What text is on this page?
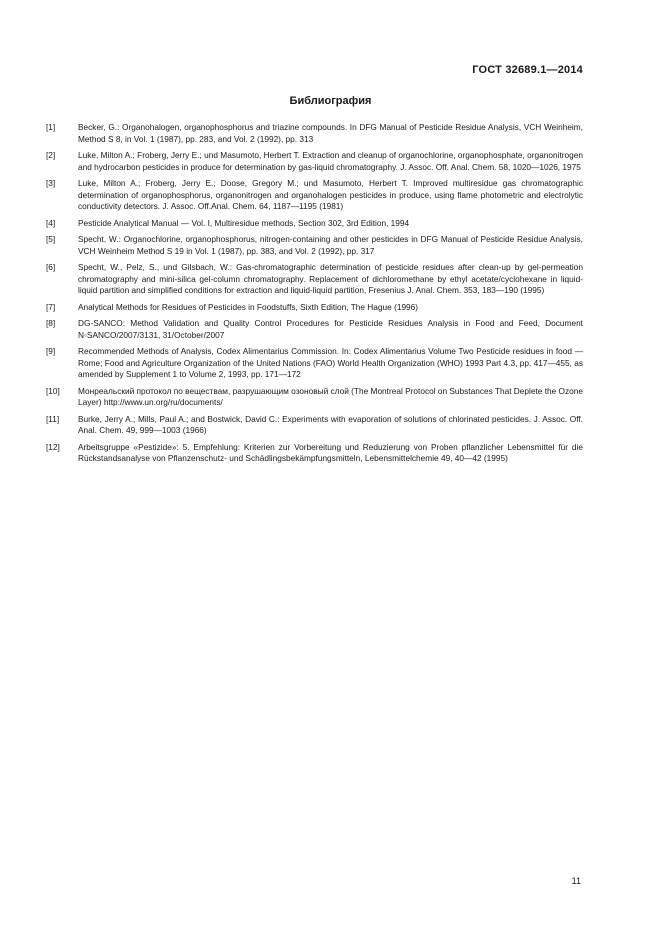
ГОСТ 32689.1—2014
Библиография
[1]	Becker, G.: Organohalogen, organophosphorus and triazine compounds. In DFG Manual of Pesticide Residue Analysis, VCH Weinheim, Method S 8, in Vol. 1 (1987), pp. 283, and Vol. 2 (1992), pp. 313
[2]	Luke, Milton A.; Froberg, Jerry E.; und Masumoto, Herbert T. Extraction and cleanup of organochlorine, organophosphate, organonitrogen and hydrocarbon pesticides in produce for determination by gas-liquid chromatography. J. Assoc. Off. Anal. Chem. 58, 1020—1026, 1975
[3]	Luke, Milton A.; Froberg, Jerry E.; Doose, Gregory M.; und Masumoto, Herbert T. Improved multiresidue gas chromatographic determination of organophosphorus, organonitrogen and organohalogen pesticides in produce, using flame photometric and electrolytic conductivity detectors. J. Assoc. Off.Anal. Chem. 64, 1187—1195 (1981)
[4]	Pesticide Analytical Manual — Vol. I, Multiresidue methods, Section 302, 3rd Edition, 1994
[5]	Specht, W.: Organochlorine, organophosphorus, nitrogen-containing and other pesticides in DFG Manual of Pesticide Residue Analysis, VCH Weinheim Method S 19 in Vol. 1 (1987), pp. 383, and Vol. 2 (1992), pp. 317
[6]	Specht, W., Pelz, S., und Gilsbach, W.: Gas-chromatographic determination of pesticide residues after clean-up by gel-permeation chromatography and mini-silica gel-column chromatography. Replacement of dichloromethane by ethyl acetate/cyclohexane in liquid-liquid partition and simplified conditions for extraction and liquid-liquid partition, Fresenius J. Anal. Chem. 353, 183—190 (1995)
[7]	Analytical Methods for Residues of Pesticides in Foodstuffs, Sixth Edition, The Hague (1996)
[8]	DG-SANCO: Method Validation and Quality Control Procedures for Pesticide Residues Analysis in Food and Feed, Document N◦SANCO/2007/3131, 31/October/2007
[9]	Recommended Methods of Analysis, Codex Alimentarius Commission. In: Codex Alimentarius Volume Two Pesticide residues in food — Rome; Food and Agriculture Organization of the United Nations (FAO) World Health Organization (WHO) 1993 Part 4.3, pp. 417—455, as amended by Supplement 1 to Volume 2, 1993, pp. 171—172
[10]	Монреальский протокол по веществам, разрушающим озоновый слой (The Montreal Protocol on Substances That Deplete the Ozone Layer) http://www.un.org/ru/documents/
[11]	Burke, Jerry A.; Mills, Paul A.; and Bostwick, David C.: Experiments with evaporation of solutions of chlorinated pesticides. J. Assoc. Off. Anal. Chem. 49, 999—1003 (1966)
[12]	Arbeitsgruppe «Pestizide»: 5. Empfehlung: Kriterien zur Vorbereitung und Reduzierung von Proben pflanzlicher Lebensmittel für die Rückstandsanalyse von Pflanzenschutz- und Schädlingsbekämpfungsmitteln, Lebensmittelchemie 49, 40—42 (1995)
11
